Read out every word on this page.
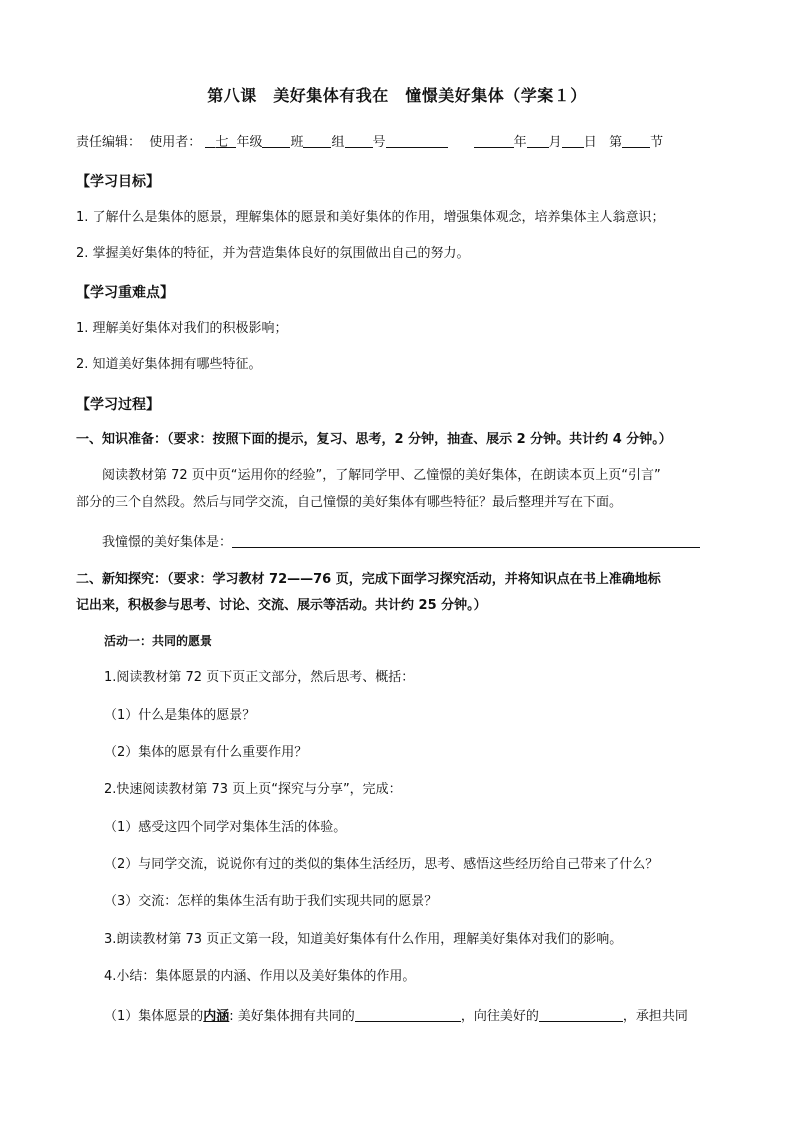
第八课　美好集体有我在　憧憬美好集体（学案１）
责任编辑： 使用者： 七 年级 班 组 号	年 月 日 第 节
【学习目标】
1. 了解什么是集体的愿景，理解集体的愿景和美好集体的作用，增强集体观念，培养集体主人翁意识；
2. 掌握美好集体的特征，并为营造集体良好的氛围做出自己的努力。
【学习重难点】
1. 理解美好集体对我们的积极影响；
2. 知道美好集体拥有哪些特征。
【学习过程】
一、知识准备：（要求：按照下面的提示，复习、思考，2 分钟，抽查、展示 2 分钟。共计约 4 分钟。）
阅读教材第 72 页中页“运用你的经验”，了解同学甲、乙憧憬的美好集体，在朗读本页上页“引言”
部分的三个自然段。然后与同学交流，自己憧憬的美好集体有哪些特征？最后整理并写在下面。
我憧憬的美好集体是：
二、新知探究：（要求：学习教材 72——76 页，完成下面学习探究活动，并将知识点在书上准确地标
记出来，积极参与思考、讨论、交流、展示等活动。共计约 25 分钟。）
活动一：共同的愿景
1.阅读教材第 72 页下页正文部分，然后思考、概括：
（1）什么是集体的愿景？
（2）集体的愿景有什么重要作用？
2.快速阅读教材第 73 页上页“探究与分享”，完成：
（1）感受这四个同学对集体生活的体验。
（2）与同学交流，说说你有过的类似的集体生活经历，思考、感悟这些经历给自己带来了什么？
（3）交流：怎样的集体生活有助于我们实现共同的愿景？
3.朗读教材第 73 页正文第一段，知道美好集体有什么作用，理解美好集体对我们的影响。
4.小结：集体愿景的内涵、作用以及美好集体的作用。
（1）集体愿景的内涵: 美好集体拥有共同的	，向往美好的	，承担共同
